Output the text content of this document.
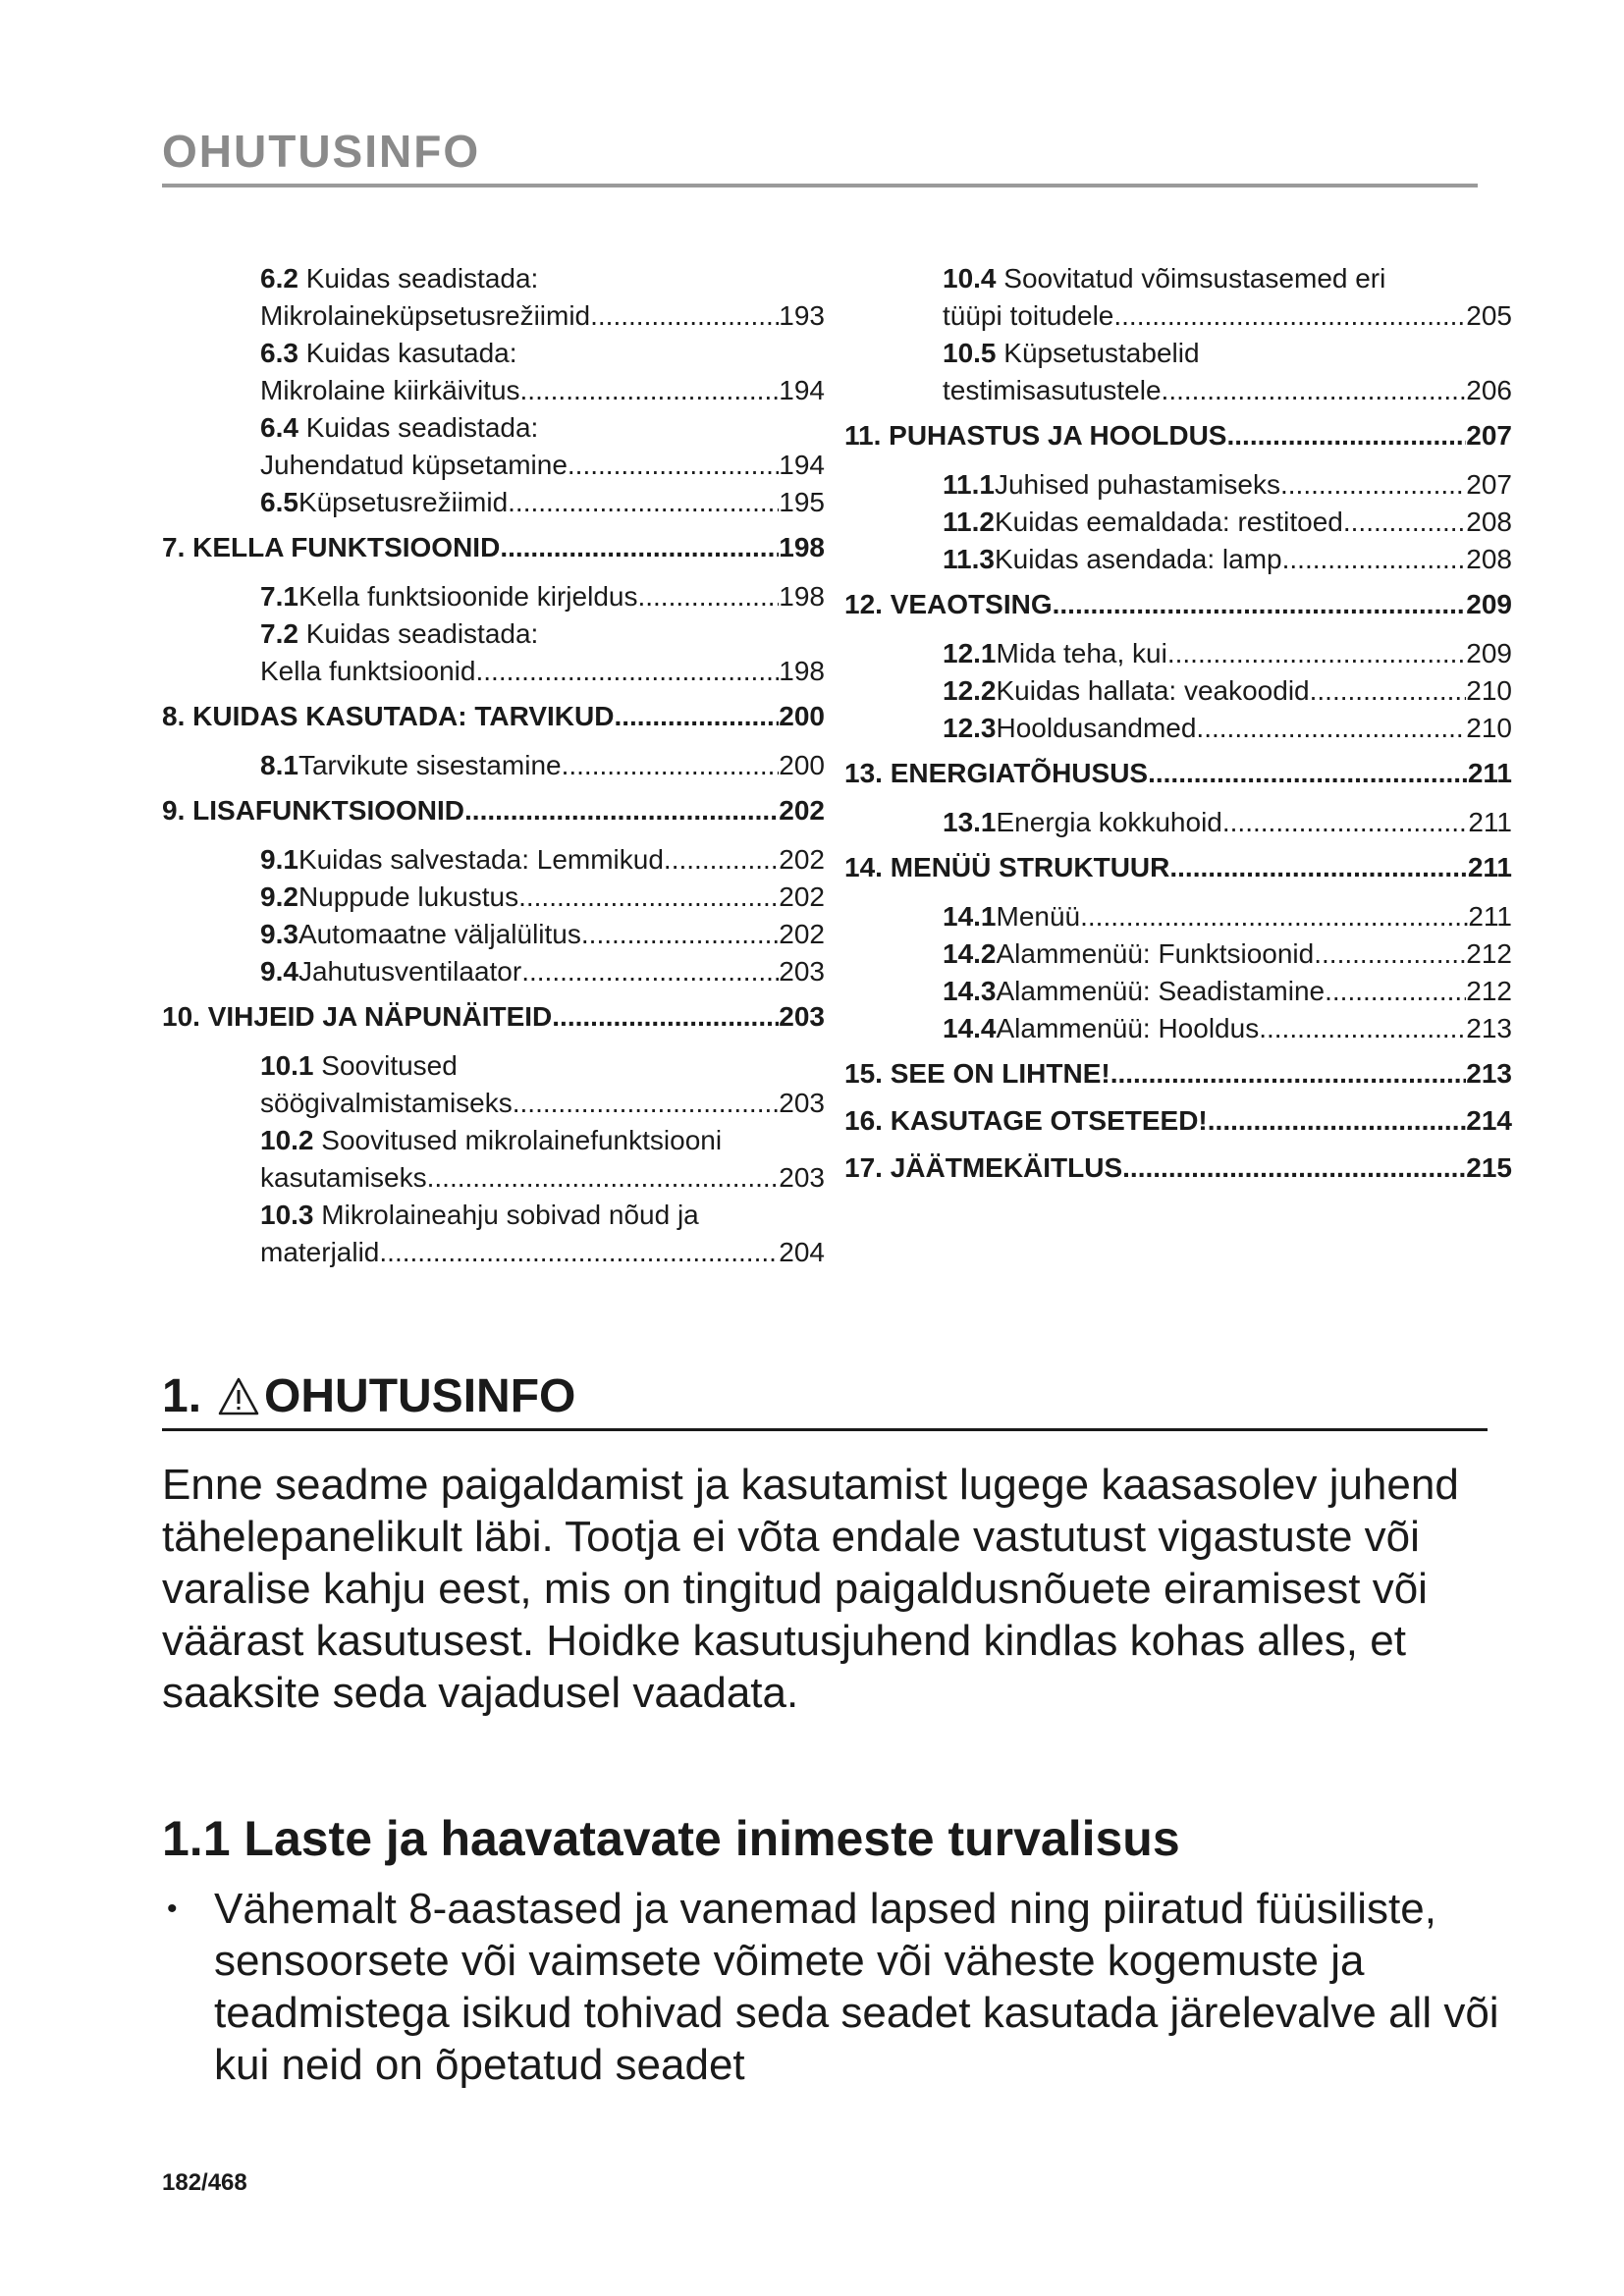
OHUTUSINFO
6.2 Kuidas seadistada:
Mikrolaineküpsetusrežiimid .....	193
6.3 Kuidas kasutada:
Mikrolaine kiirkäivitus .....	194
6.4 Kuidas seadistada:
Juhendatud küpsetamine .....	194
6.5 Küpsetusrežiimid .....	195
7. KELLA FUNKTSIOONID .....	198
7.1 Kella funktsioonide kirjeldus .....	198
7.2 Kuidas seadistada:
Kella funktsioonid .....	198
8. KUIDAS KASUTADA: TARVIKUD .....	200
8.1 Tarvikute sisestamine .....	200
9. LISAFUNKTSIOONID .....	202
9.1 Kuidas salvestada: Lemmikud .....	202
9.2 Nuppude lukustus .....	202
9.3 Automaatne väljalülitus .....	202
9.4 Jahutusventilaator .....	203
10. VIHJEID JA NÄPUNÄITEID .....	203
10.1 Soovitused
söögivalmistamiseks .....	203
10.2 Soovitused mikrolainefunktsiooni
kasutamiseks .....	203
10.3 Mikrolaineahju sobivad nõud ja
materjalid .....	204
10.4 Soovitatud võimsustasemed eri
tüüpi toitudele .....	205
10.5 Küpsetustabelid
testimisasutustele .....	206
11. PUHASTUS JA HOOLDUS .....	207
11.1 Juhised puhastamiseks .....	207
11.2 Kuidas eemaldada: restitoed .....	208
11.3 Kuidas asendada: lamp .....	208
12. VEAOTSING .....	209
12.1 Mida teha, kui .....	209
12.2 Kuidas hallata: veakoodid .....	210
12.3 Hooldusandmed .....	210
13. ENERGIATÕHUSUS .....	211
13.1 Energia kokkuhoid .....	211
14. MENÜÜ STRUKTUUR .....	211
14.1 Menüü .....	211
14.2 Alammenüü: Funktsioonid .....	212
14.3 Alammenüü: Seadistamine .....	212
14.4 Alammenüü: Hooldus .....	213
15. SEE ON LIHTNE! .....	213
16. KASUTAGE OTSETEED! .....	214
17. JÄÄTMEKÄITLUS .....	215
1. OHUTUSINFO
Enne seadme paigaldamist ja kasutamist lugege kaasasolev juhend tähelepanelikult läbi. Tootja ei võta endale vastutust vigastuste või varalise kahju eest, mis on tingitud paigaldusnõuete eiramisest või väärast kasutusest. Hoidke kasutusjuhend kindlas kohas alles, et saaksite seda vajadusel vaadata.
1.1 Laste ja haavatavate inimeste turvalisus
• Vähemalt 8-aastased ja vanemad lapsed ning piiratud füüsiliste, sensoorsete või vaimsete võimete või väheste kogemuste ja teadmistega isikud tohivad seda seadet kasutada järelevalve all või kui neid on õpetatud seadet
182/468
